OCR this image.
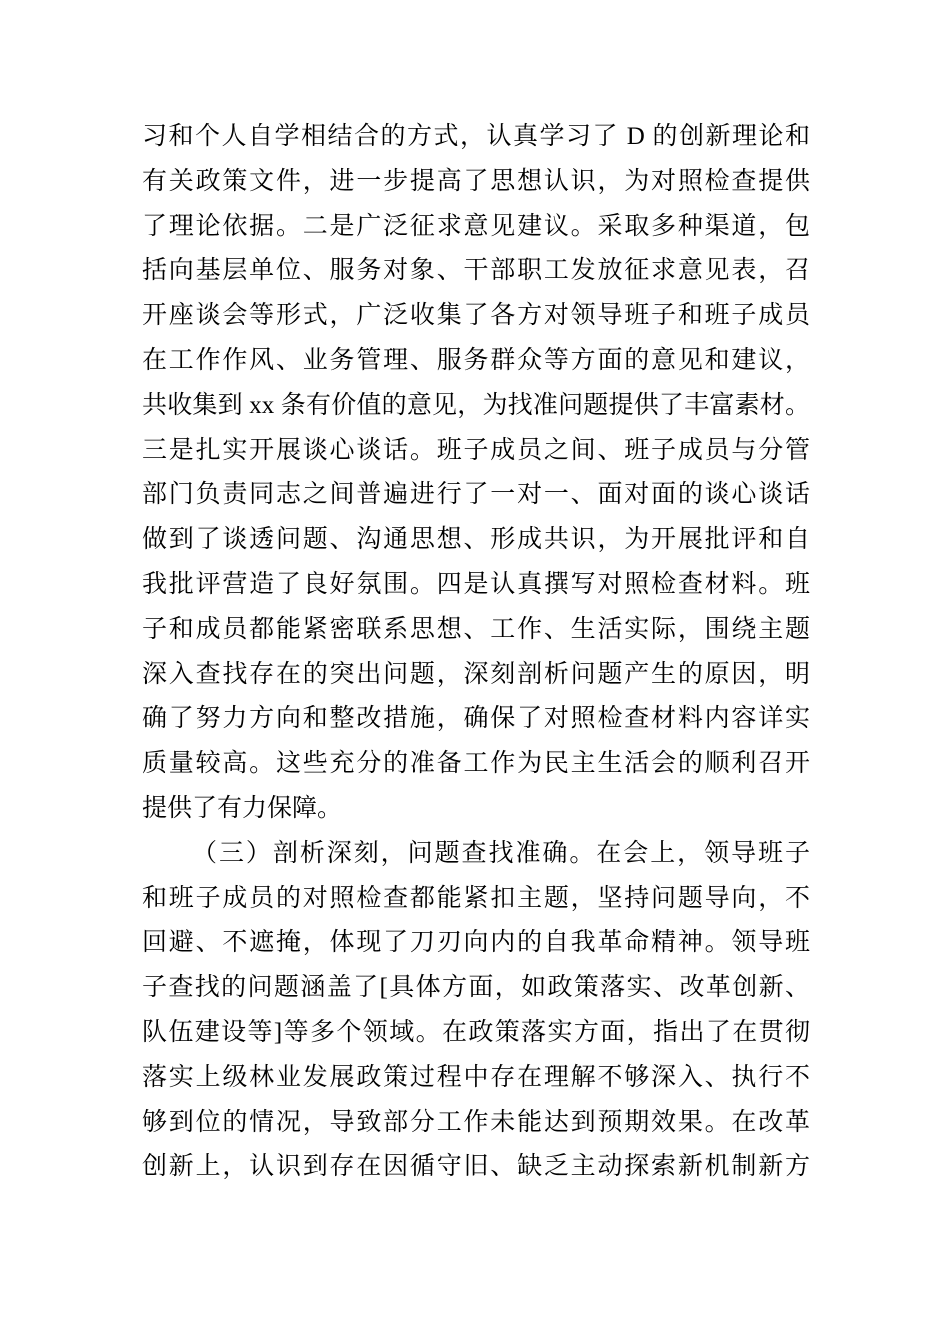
习和个人自学相结合的方式，认真学习了 D 的创新理论和
有关政策文件，进一步提高了思想认识，为对照检查提供
了理论依据。二是广泛征求意见建议。采取多种渠道，包
括向基层单位、服务对象、干部职工发放征求意见表，召
开座谈会等形式，广泛收集了各方对领导班子和班子成员
在工作作风、业务管理、服务群众等方面的意见和建议，
共收集到 xx 条有价值的意见，为找准问题提供了丰富素材。
三是扎实开展谈心谈话。班子成员之间、班子成员与分管
部门负责同志之间普遍进行了一对一、面对面的谈心谈话
做到了谈透问题、沟通思想、形成共识，为开展批评和自
我批评营造了良好氛围。四是认真撰写对照检查材料。班
子和成员都能紧密联系思想、工作、生活实际，围绕主题
深入查找存在的突出问题，深刻剖析问题产生的原因，明
确了努力方向和整改措施，确保了对照检查材料内容详实
质量较高。这些充分的准备工作为民主生活会的顺利召开
提供了有力保障。
（三）剖析深刻，问题查找准确。在会上，领导班子
和班子成员的对照检查都能紧扣主题，坚持问题导向，不
回避、不遮掩，体现了刀刃向内的自我革命精神。领导班
子查找的问题涵盖了[具体方面，如政策落实、改革创新、
队伍建设等]等多个领域。在政策落实方面，指出了在贯彻
落实上级林业发展政策过程中存在理解不够深入、执行不
够到位的情况，导致部分工作未能达到预期效果。在改革
创新上，认识到存在因循守旧、缺乏主动探索新机制新方
